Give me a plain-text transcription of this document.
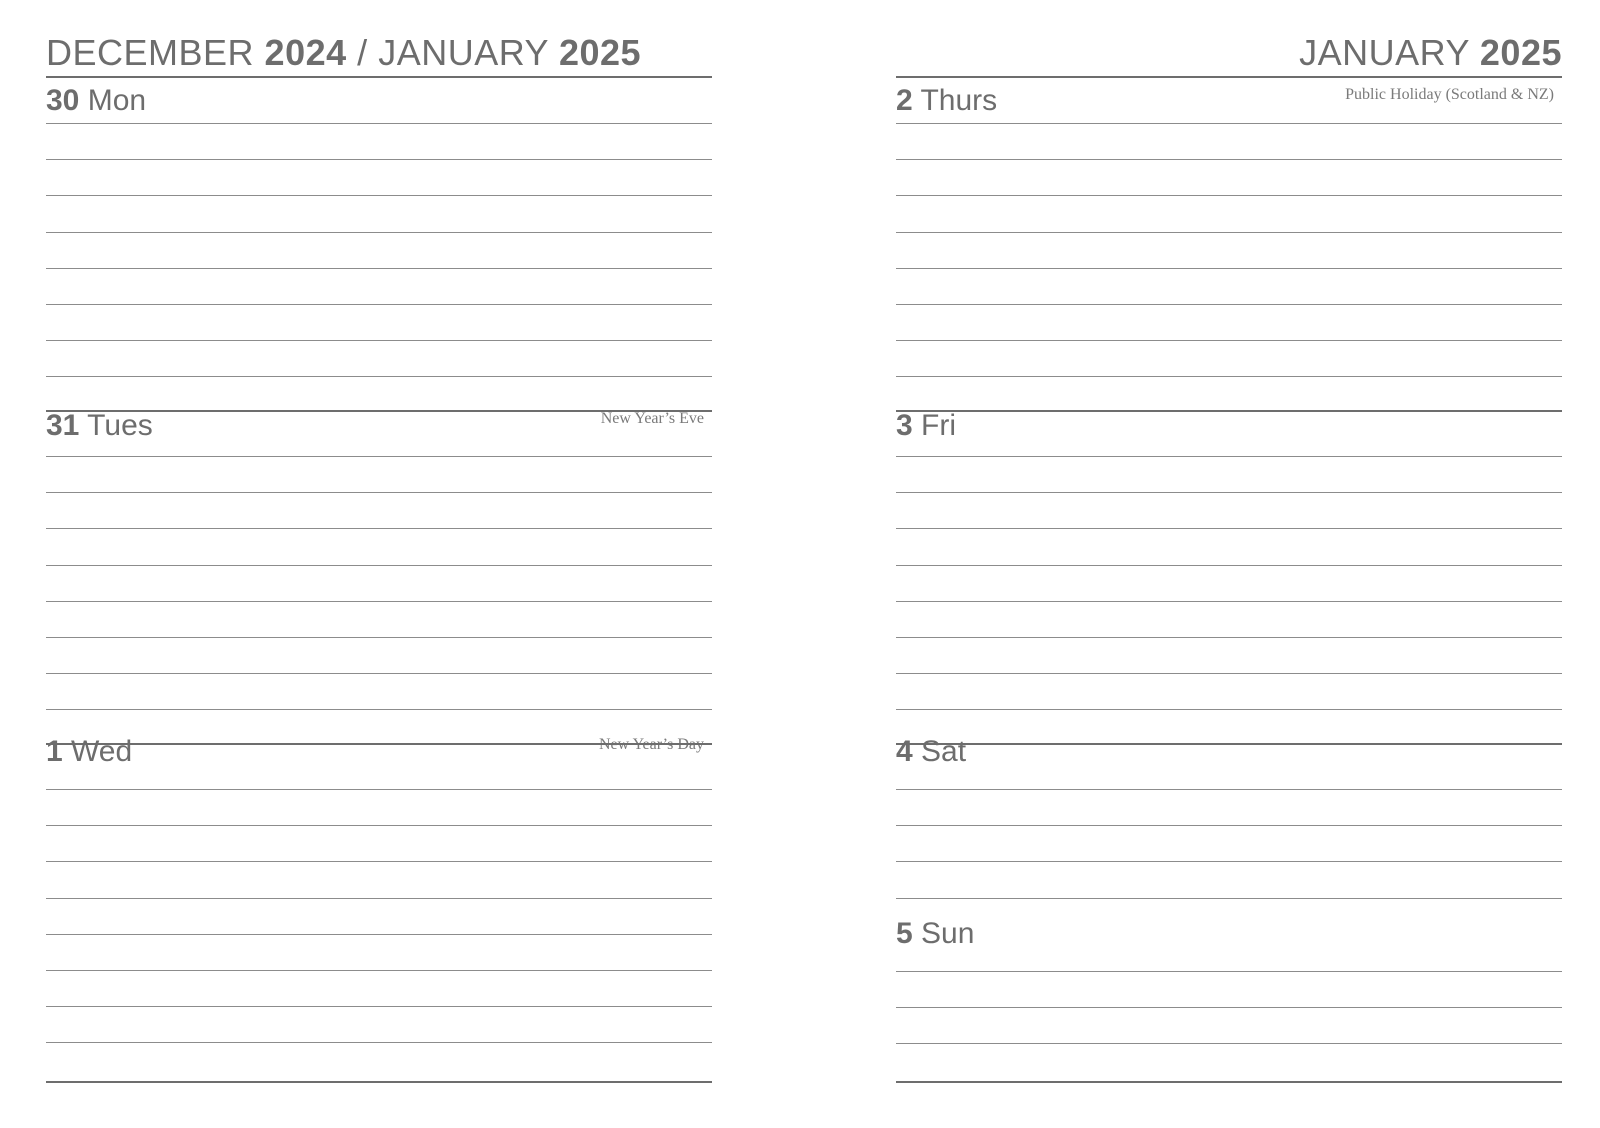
DECEMBER 2024 / JANUARY 2025
30 Mon
31 Tues	New Year’s Eve
1 Wed	New Year’s Day
JANUARY 2025
2 Thurs	Public Holiday (Scotland & NZ)
3 Fri
4 Sat
5 Sun
